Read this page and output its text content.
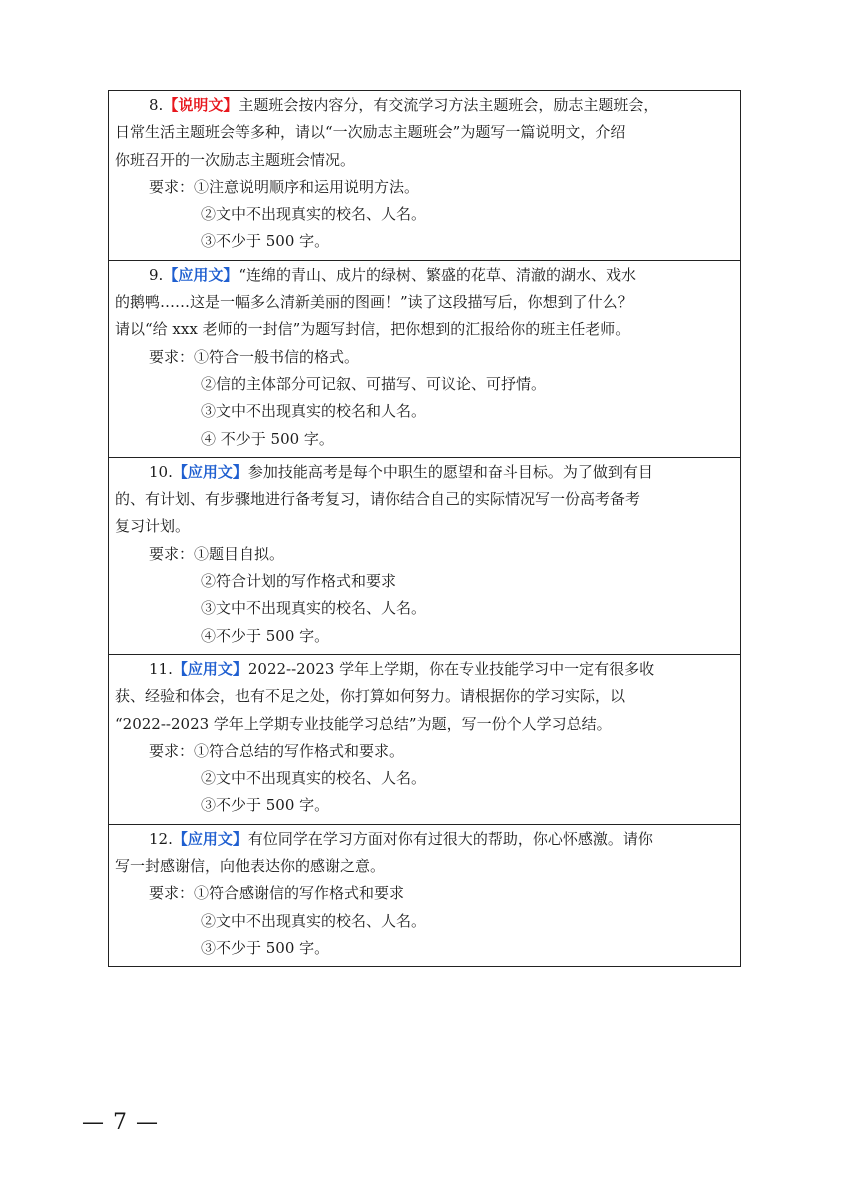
8.【说明文】主题班会按内容分，有交流学习方法主题班会，励志主题班会，
日常生活主题班会等多种，请以“一次励志主题班会”为题写一篇说明文，介绍
你班召开的一次励志主题班会情况。
要求：①注意说明顺序和运用说明方法。
②文中不出现真实的校名、人名。
③不少于 500 字。

9.【应用文】“连绵的青山、成片的绿树、繁盛的花草、清澈的湖水、戏水
的鹅鸭……这是一幅多么清新美丽的图画！”读了这段描写后，你想到了什么？
请以“给 xxx 老师的一封信”为题写封信，把你想到的汇报给你的班主任老师。
要求：①符合一般书信的格式。
②信的主体部分可记叙、可描写、可议论、可抒情。
③文中不出现真实的校名和人名。
④ 不少于 500 字。

10.【应用文】参加技能高考是每个中职生的愿望和奋斗目标。为了做到有目
的、有计划、有步骤地进行备考复习，请你结合自己的实际情况写一份高考备考
复习计划。
要求：①题目自拟。
②符合计划的写作格式和要求
③文中不出现真实的校名、人名。
④不少于 500 字。

11.【应用文】2022--2023 学年上学期，你在专业技能学习中一定有很多收
获、经验和体会，也有不足之处，你打算如何努力。请根据你的学习实际，以
“2022--2023 学年上学期专业技能学习总结”为题，写一份个人学习总结。
要求：①符合总结的写作格式和要求。
②文中不出现真实的校名、人名。
③不少于 500 字。

12.【应用文】有位同学在学习方面对你有过很大的帮助，你心怀感激。请你
写一封感谢信，向他表达你的感谢之意。
要求：①符合感谢信的写作格式和要求
②文中不出现真实的校名、人名。
③不少于 500 字。
— 7 —
